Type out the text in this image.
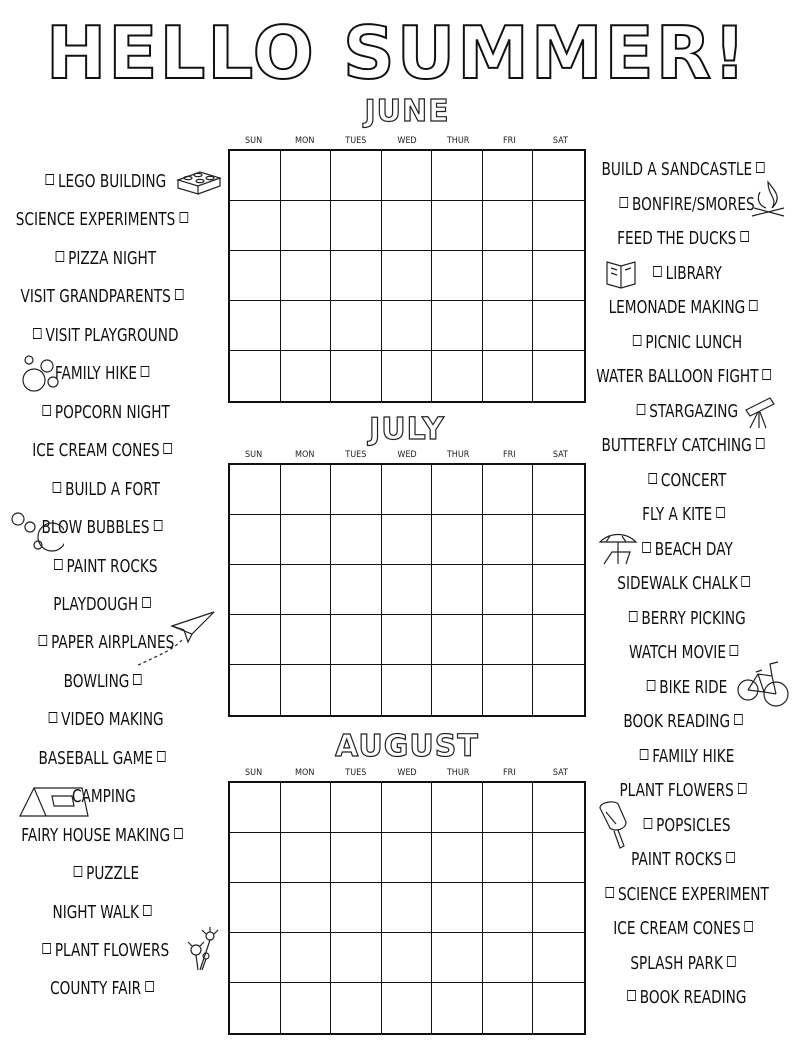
HELLO SUMMER!
JUNE
SUN	MON	TUES	WED	THUR	FRI	SAT
JULY
SUN	MON	TUES	WED	THUR	FRI	SAT
AUGUST
SUN	MON	TUES	WED	THUR	FRI	SAT
LEGO BUILDING
SCIENCE EXPERIMENTS
PIZZA NIGHT
VISIT GRANDPARENTS
VISIT PLAYGROUND
FAMILY HIKE
POPCORN NIGHT
ICE CREAM CONES
BUILD A FORT
BLOW BUBBLES
PAINT ROCKS
PLAYDOUGH
PAPER AIRPLANES
BOWLING
VIDEO MAKING
BASEBALL GAME
CAMPING
FAIRY HOUSE MAKING
PUZZLE
NIGHT WALK
PLANT FLOWERS
COUNTY FAIR
BUILD A SANDCASTLE
BONFIRE/SMORES
FEED THE DUCKS
LIBRARY
LEMONADE MAKING
PICNIC LUNCH
WATER BALLOON FIGHT
STARGAZING
BUTTERFLY CATCHING
CONCERT
FLY A KITE
BEACH DAY
SIDEWALK CHALK
BERRY PICKING
WATCH MOVIE
BIKE RIDE
BOOK READING
FAMILY HIKE
PLANT FLOWERS
POPSICLES
PAINT ROCKS
SCIENCE EXPERIMENT
ICE CREAM CONES
SPLASH PARK
BOOK READING
